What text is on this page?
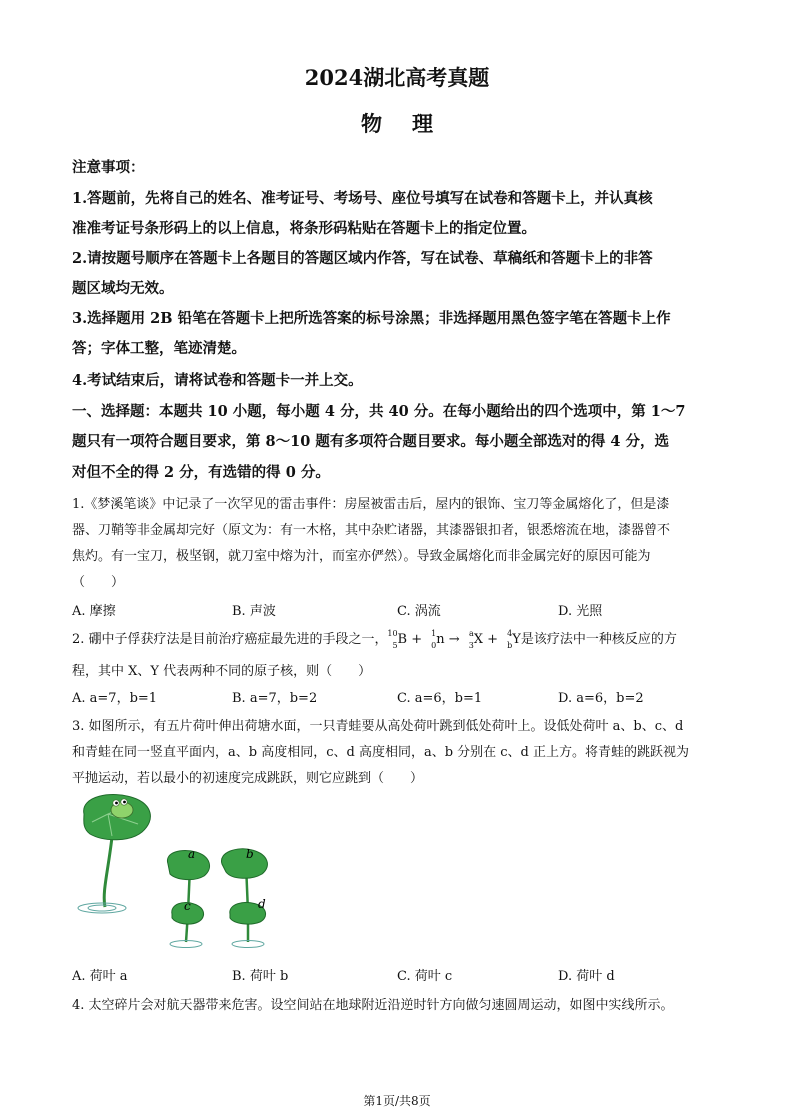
2024湖北高考真题
物理
注意事项：
1.答题前，先将自己的姓名、准考证号、考场号、座位号填写在试卷和答题卡上，并认真核
准准考证号条形码上的以上信息，将条形码粘贴在答题卡上的指定位置。
2.请按题号顺序在答题卡上各题目的答题区域内作答，写在试卷、草稿纸和答题卡上的非答
题区域均无效。
3.选择题用 2B 铅笔在答题卡上把所选答案的标号涂黑；非选择题用黑色签字笔在答题卡上作
答；字体工整，笔迹清楚。
4.考试结束后，请将试卷和答题卡一并上交。
一、选择题：本题共 10 小题，每小题 4 分，共 40 分。在每小题给出的四个选项中，第 1～7
题只有一项符合题目要求，第 8～10 题有多项符合题目要求。每小题全部选对的得 4 分，选
对但不全的得 2 分，有选错的得 0 分。
1.《梦溪笔谈》中记录了一次罕见的雷击事件：房屋被雷击后，屋内的银饰、宝刀等金属熔化了，但是漆
器、刀鞘等非金属却完好（原文为：有一木格，其中杂贮诸器，其漆器银扣者，银悉熔流在地，漆器曾不
焦灼。有一宝刀，极坚钢，就刀室中熔为汁，而室亦俨然）。导致金属熔化而非金属完好的原因可能为
（　　）
A. 摩擦	B. 声波	C. 涡流	D. 光照
2. 硼中子俘获疗法是目前治疗癌症最先进的手段之一， 10
5 B + 1
0 n → a
3 X + 4
b Y是该疗法中一种核反应的方
程，其中 X、Y 代表两种不同的原子核，则（　　）
A. a=7，b=1	B. a=7，b=2	C. a=6，b=1	D. a=6，b=2
3. 如图所示，有五片荷叶伸出荷塘水面，一只青蛙要从高处荷叶跳到低处荷叶上。设低处荷叶 a、b、c、d
和青蛙在同一竖直平面内，a、b 高度相同，c、d 高度相同，a、b 分别在 c、d 正上方。将青蛙的跳跃视为
平抛运动，若以最小的初速度完成跳跃，则它应跳到（　　）
a	b
c	d
A. 荷叶 a	B. 荷叶 b	C. 荷叶 c	D. 荷叶 d
4. 太空碎片会对航天器带来危害。设空间站在地球附近沿逆时针方向做匀速圆周运动，如图中实线所示。
第1页/共8页
